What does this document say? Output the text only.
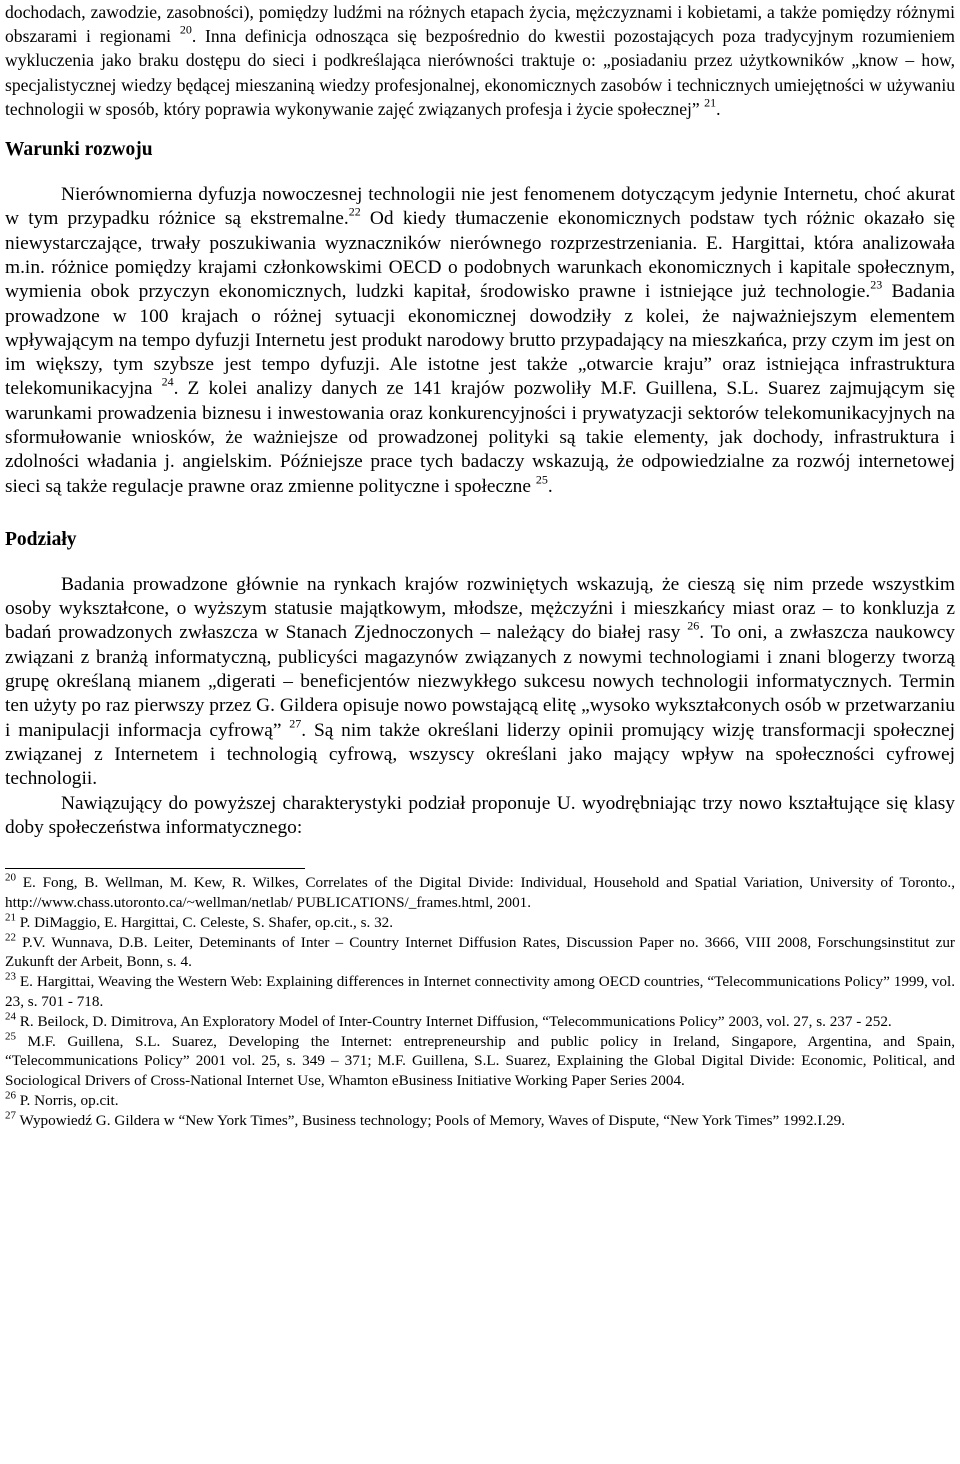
dochodach, zawodzie, zasobności), pomiędzy ludźmi na różnych etapach życia, mężczyznami i kobietami, a także pomiędzy różnymi obszarami i regionami $^{20}$. Inna definicja odnosząca się bezpośrednio do kwestii pozostających poza tradycyjnym rozumieniem wykluczenia jako braku dostępu do sieci i podkreślająca nierówności traktuje o: „posiadaniu przez użytkowników „know – how, specjalistycznej wiedzy będącej mieszaniną wiedzy profesjonalnej, ekonomicznych zasobów i technicznych umiejętności w używaniu technologii w sposób, który poprawia wykonywanie zajęć związanych profesja i życie społecznej” $^{21}$.

Warunki rozwoju

Nierównomierna dyfuzja nowoczesnej technologii nie jest fenomenem dotyczącym jedynie Internetu, choć akurat w tym przypadku różnice są ekstremalne.$^{22}$ Od kiedy tłumaczenie ekonomicznych podstaw tych różnic okazało się niewystarczające, trwały poszukiwania wyznaczników nierównego rozprzestrzeniania. E. Hargittai, która analizowała m.in. różnice pomiędzy krajami członkowskimi OECD o podobnych warunkach ekonomicznych i kapitale społecznym, wymienia obok przyczyn ekonomicznych, ludzki kapitał, środowisko prawne i istniejące już technologie.$^{23}$ Badania prowadzone w 100 krajach o różnej sytuacji ekonomicznej dowodziły z kolei, że najważniejszym elementem wpływającym na tempo dyfuzji Internetu jest produkt narodowy brutto przypadający na mieszkańca, przy czym im jest on im większy, tym szybsze jest tempo dyfuzji. Ale istotne jest także „otwarcie kraju” oraz istniejąca infrastruktura telekomunikacyjna $^{24}$. Z kolei analizy danych ze 141 krajów pozwoliły M.F. Guillena, S.L. Suarez zajmującym się warunkami prowadzenia biznesu i inwestowania oraz konkurencyjności i prywatyzacji sektorów telekomunikacyjnych na sformułowanie wniosków, że ważniejsze od prowadzonej polityki są takie elementy, jak dochody, infrastruktura i zdolności władania j. angielskim. Późniejsze prace tych badaczy wskazują, że odpowiedzialne za rozwój internetowej sieci są także regulacje prawne oraz zmienne polityczne i społeczne $^{25}$.

Podziały

Badania prowadzone głównie na rynkach krajów rozwiniętych wskazują, że cieszą się nim przede wszystkim osoby wykształcone, o wyższym statusie majątkowym, młodsze, mężczyźni i mieszkańcy miast oraz – to konkluzja z badań prowadzonych zwłaszcza w Stanach Zjednoczonych – należący do białej rasy $^{26}$. To oni, a zwłaszcza naukowcy związani z branżą informatyczną, publicyści magazynów związanych z nowymi technologiami i znani blogerzy tworzą grupę określaną mianem „digerati – beneficjentów niezwykłego sukcesu nowych technologii informatycznych. Termin ten użyty po raz pierwszy przez G. Gildera opisuje nowo powstającą elitę „wysoko wykształconych osób w przetwarzaniu i manipulacji informacja cyfrową” $^{27}$. Są nim także określani liderzy opinii promujący wizję transformacji społecznej związanej z Internetem i technologią cyfrową, wszyscy określani jako mający wpływ na społeczności cyfrowej technologii.

Nawiązujący do powyższej charakterystyki podział proponuje U. wyodrębniając trzy nowo kształtujące się klasy doby społeczeństwa informatycznego:

$^{20}$ E. Fong, B. Wellman, M. Kew, R. Wilkes, Correlates of the Digital Divide: Individual, Household and Spatial Variation, University of Toronto., http://www.chass.utoronto.ca/~wellman/netlab/ PUBLICATIONS/_frames.html, 2001.

$^{21}$ P. DiMaggio, E. Hargittai, C. Celeste, S. Shafer, op.cit., s. 32.

$^{22}$ P.V. Wunnava, D.B. Leiter, Deteminants of Inter – Country Internet Diffusion Rates, Discussion Paper no. 3666, VIII 2008, Forschungsinstitut zur Zukunft der Arbeit, Bonn, s. 4.

$^{23}$ E. Hargittai, Weaving the Western Web: Explaining differences in Internet connectivity among OECD countries, “Telecommunications Policy” 1999, vol. 23, s. 701 - 718.

$^{24}$ R. Beilock, D. Dimitrova, An Exploratory Model of Inter-Country Internet Diffusion, “Telecommunications Policy” 2003, vol. 27, s. 237 - 252.

$^{25}$ M.F. Guillena, S.L. Suarez, Developing the Internet: entrepreneurship and public policy in Ireland, Singapore, Argentina, and Spain, “Telecommunications Policy” 2001 vol. 25, s. 349 – 371; M.F. Guillena, S.L. Suarez, Explaining the Global Digital Divide: Economic, Political, and Sociological Drivers of Cross-National Internet Use, Whamton eBusiness Initiative Working Paper Series 2004.

$^{26}$ P. Norris, op.cit.

$^{27}$ Wypowiedź G. Gildera w “New York Times”, Business technology; Pools of Memory, Waves of Dispute, “New York Times” 1992.I.29.
